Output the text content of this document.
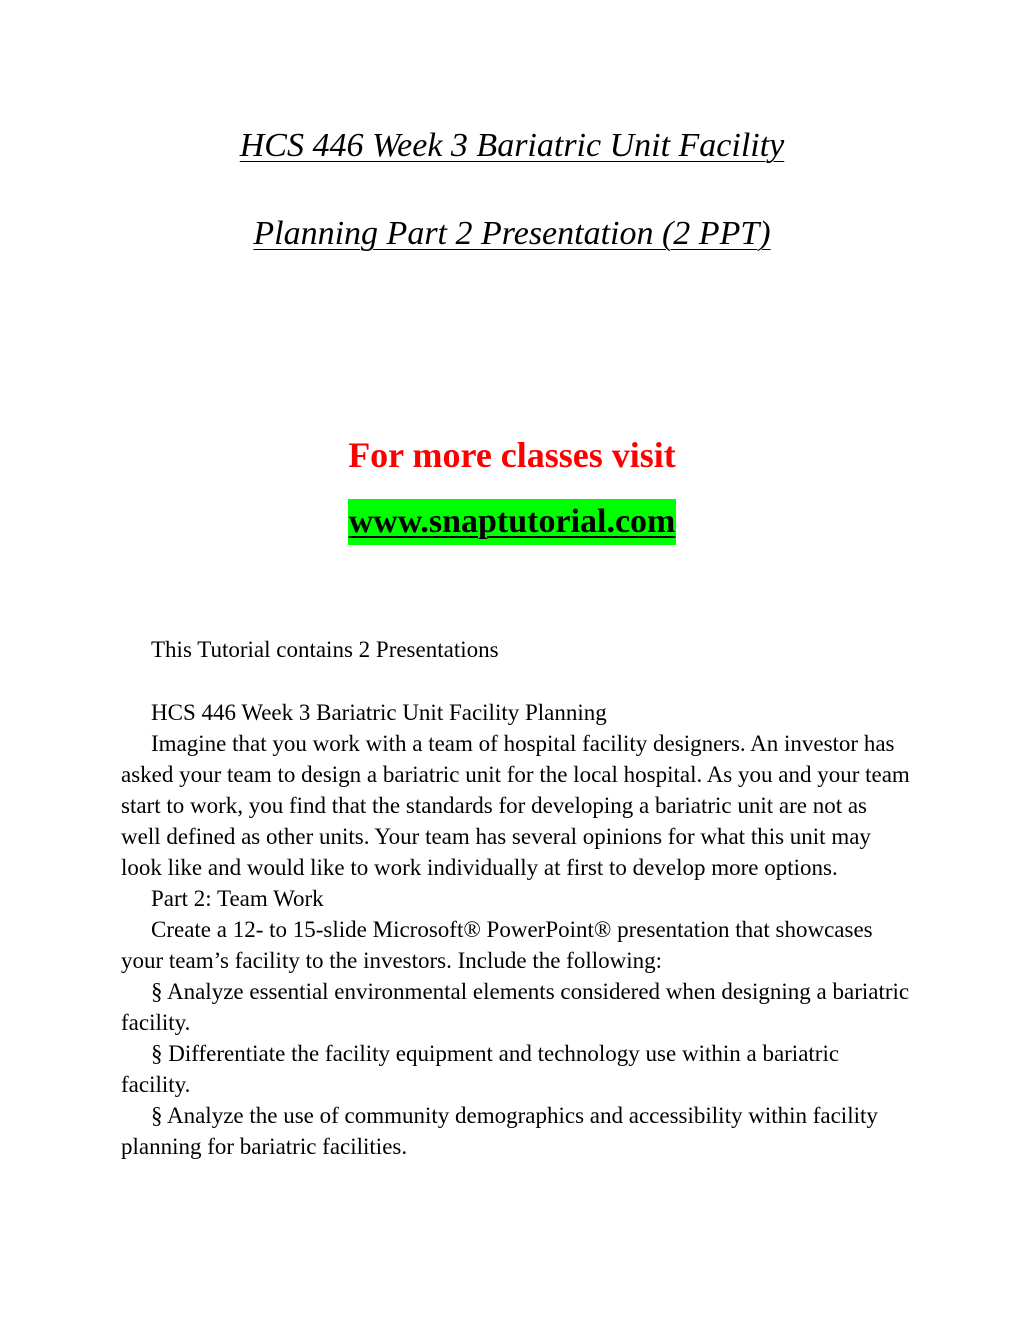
HCS 446 Week 3 Bariatric Unit Facility
Planning Part 2 Presentation (2 PPT)
For more classes visit
www.snaptutorial.com

This Tutorial contains 2 Presentations

HCS 446 Week 3 Bariatric Unit Facility Planning

Imagine that you work with a team of hospital facility designers. An investor has asked your team to design a bariatric unit for the local hospital. As you and your team start to work, you find that the standards for developing a bariatric unit are not as well defined as other units. Your team has several opinions for what this unit may look like and would like to work individually at first to develop more options.

Part 2: Team Work

Create a 12- to 15-slide Microsoft® PowerPoint® presentation that showcases your team’s facility to the investors. Include the following:

§ Analyze essential environmental elements considered when designing a bariatric facility.

§ Differentiate the facility equipment and technology use within a bariatric facility.

§ Analyze the use of community demographics and accessibility within facility planning for bariatric facilities.
